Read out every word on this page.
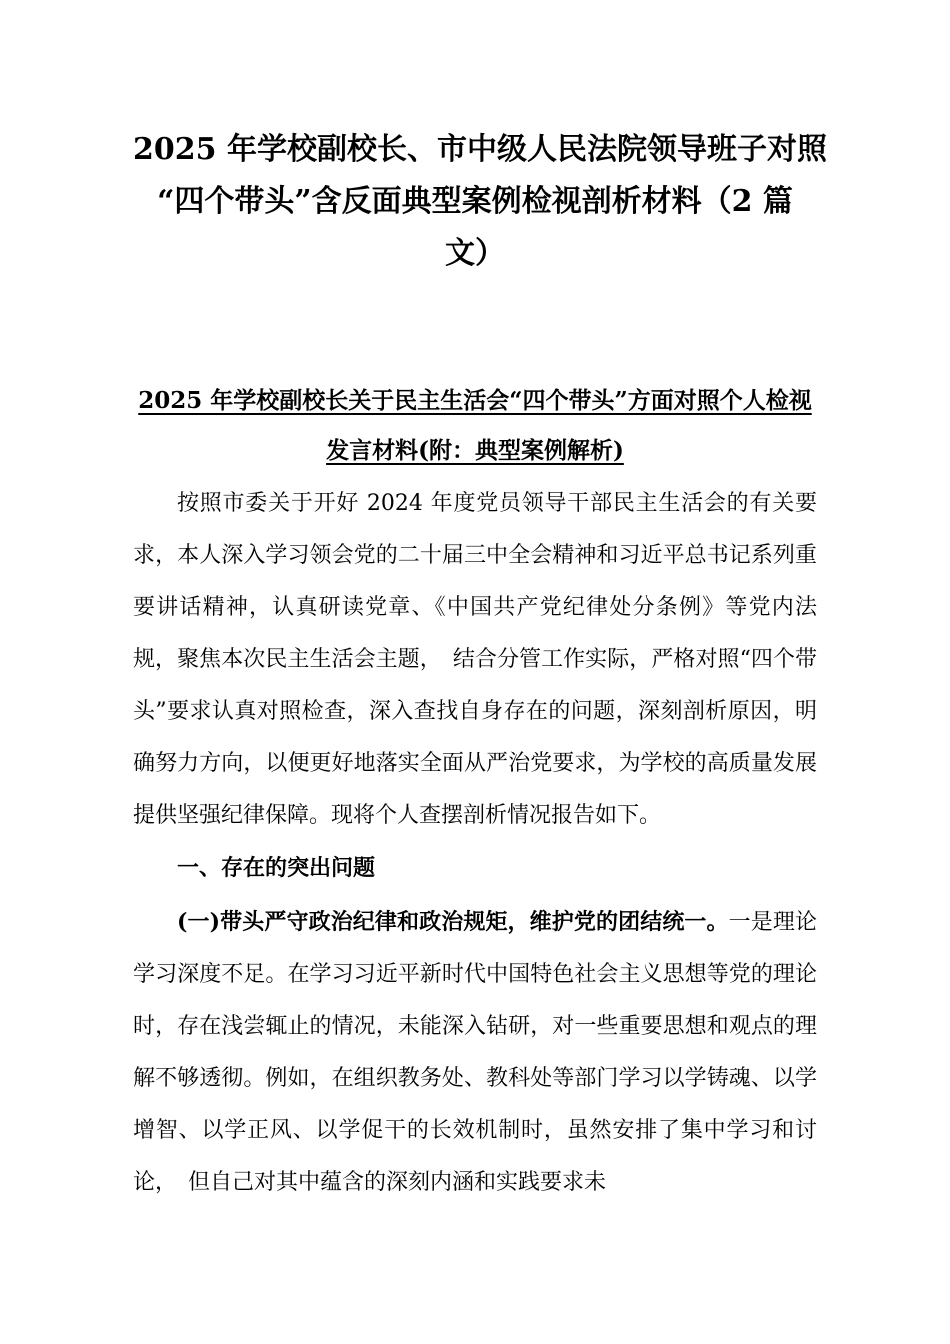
2025 年学校副校长、市中级人民法院领导班子对照
“四个带头”含反面典型案例检视剖析材料（2 篇
文）
2025 年学校副校长关于民主生活会“四个带头”方面对照个人检视
发言材料(附：典型案例解析)

按照市委关于开好 2024 年度党员领导干部民主生活会的有关要求，本人深入学习领会党的二十届三中全会精神和习近平总书记系列重要讲话精神，认真研读党章、《中国共产党纪律处分条例》等党内法规，聚焦本次民主生活会主题，　结合分管工作实际，严格对照“四个带头”要求认真对照检查，深入查找自身存在的问题，深刻剖析原因，明确努力方向，以便更好地落实全面从严治党要求，为学校的高质量发展提供坚强纪律保障。现将个人查摆剖析情况报告如下。

一、存在的突出问题

(一)带头严守政治纪律和政治规矩，维护党的团结统一。一是理论学习深度不足。在学习习近平新时代中国特色社会主义思想等党的理论时，存在浅尝辄止的情况，未能深入钻研，对一些重要思想和观点的理解不够透彻。例如，在组织教务处、教科处等部门学习以学铸魂、以学增智、以学正风、以学促干的长效机制时，虽然安排了集中学习和讨论，　但自己对其中蕴含的深刻内涵和实践要求未
